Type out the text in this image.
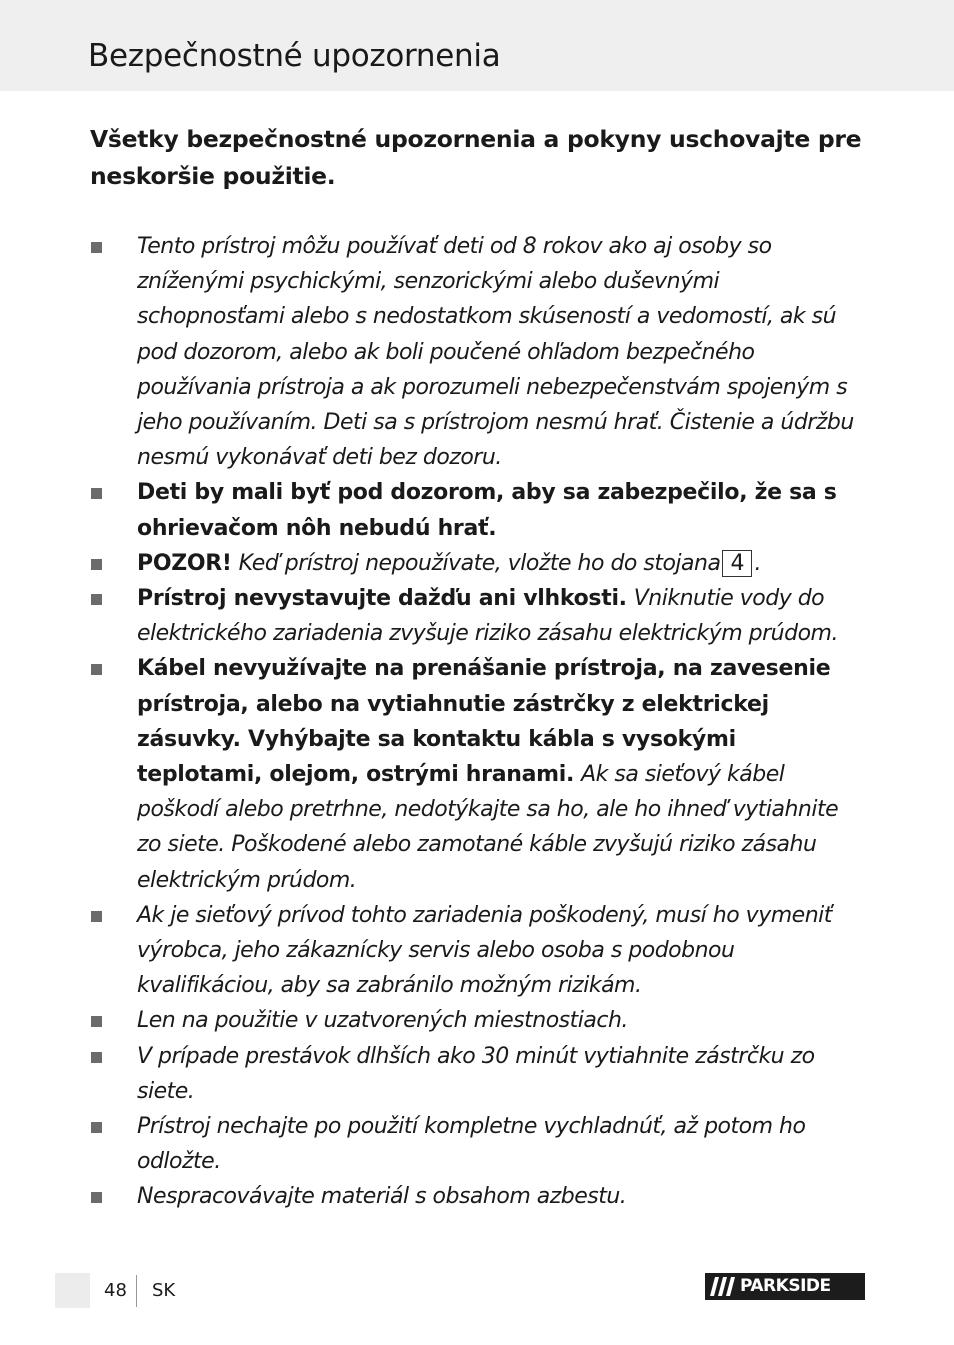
Bezpečnostné upozornenia

Všetky bezpečnostné upozornenia a pokyny uschovajte pre neskoršie použitie.

Tento prístroj môžu používať deti od 8 rokov ako aj osoby so zníženými psychickými, senzorickými alebo duševnými schopnosťami alebo s nedostatkom skúseností a vedomostí, ak sú pod dozorom, alebo ak boli poučené ohľadom bezpečného používania prístroja a ak porozumeli nebezpečenstvám spojeným s jeho používaním. Deti sa s prístrojom nesmú hrať. Čistenie a údržbu nesmú vykonávať deti bez dozoru.
Deti by mali byť pod dozorom, aby sa zabezpečilo, že sa s ohrievačom nôh nebudú hrať.
POZOR! Keď prístroj nepoužívate, vložte ho do stojana 4 .
Prístroj nevystavujte dažďu ani vlhkosti. Vniknutie vody do elektrického zariadenia zvyšuje riziko zásahu elektrickým prúdom.
Kábel nevyužívajte na prenášanie prístroja, na zavesenie prístroja, alebo na vytiahnutie zástrčky z elektrickej zásuvky. Vyhýbajte sa kontaktu kábla s vysokými teplotami, olejom, ostrými hranami. Ak sa sieťový kábel poškodí alebo pretrhne, nedotýkajte sa ho, ale ho ihneď vytiahnite zo siete. Poškodené alebo zamotané káble zvyšujú riziko zásahu elektrickým prúdom.
Ak je sieťový prívod tohto zariadenia poškodený, musí ho vymeniť výrobca, jeho zákaznícky servis alebo osoba s podobnou kvalifikáciou, aby sa zabránilo možným rizikám.
Len na použitie v uzatvorených miestnostiach.
V prípade prestávok dlhších ako 30 minút vytiahnite zástrčku zo siete.
Prístroj nechajte po použití kompletne vychladnúť, až potom ho odložte.
Nespracovávajte materiál s obsahom azbestu.
48 SK	PARKSIDE
